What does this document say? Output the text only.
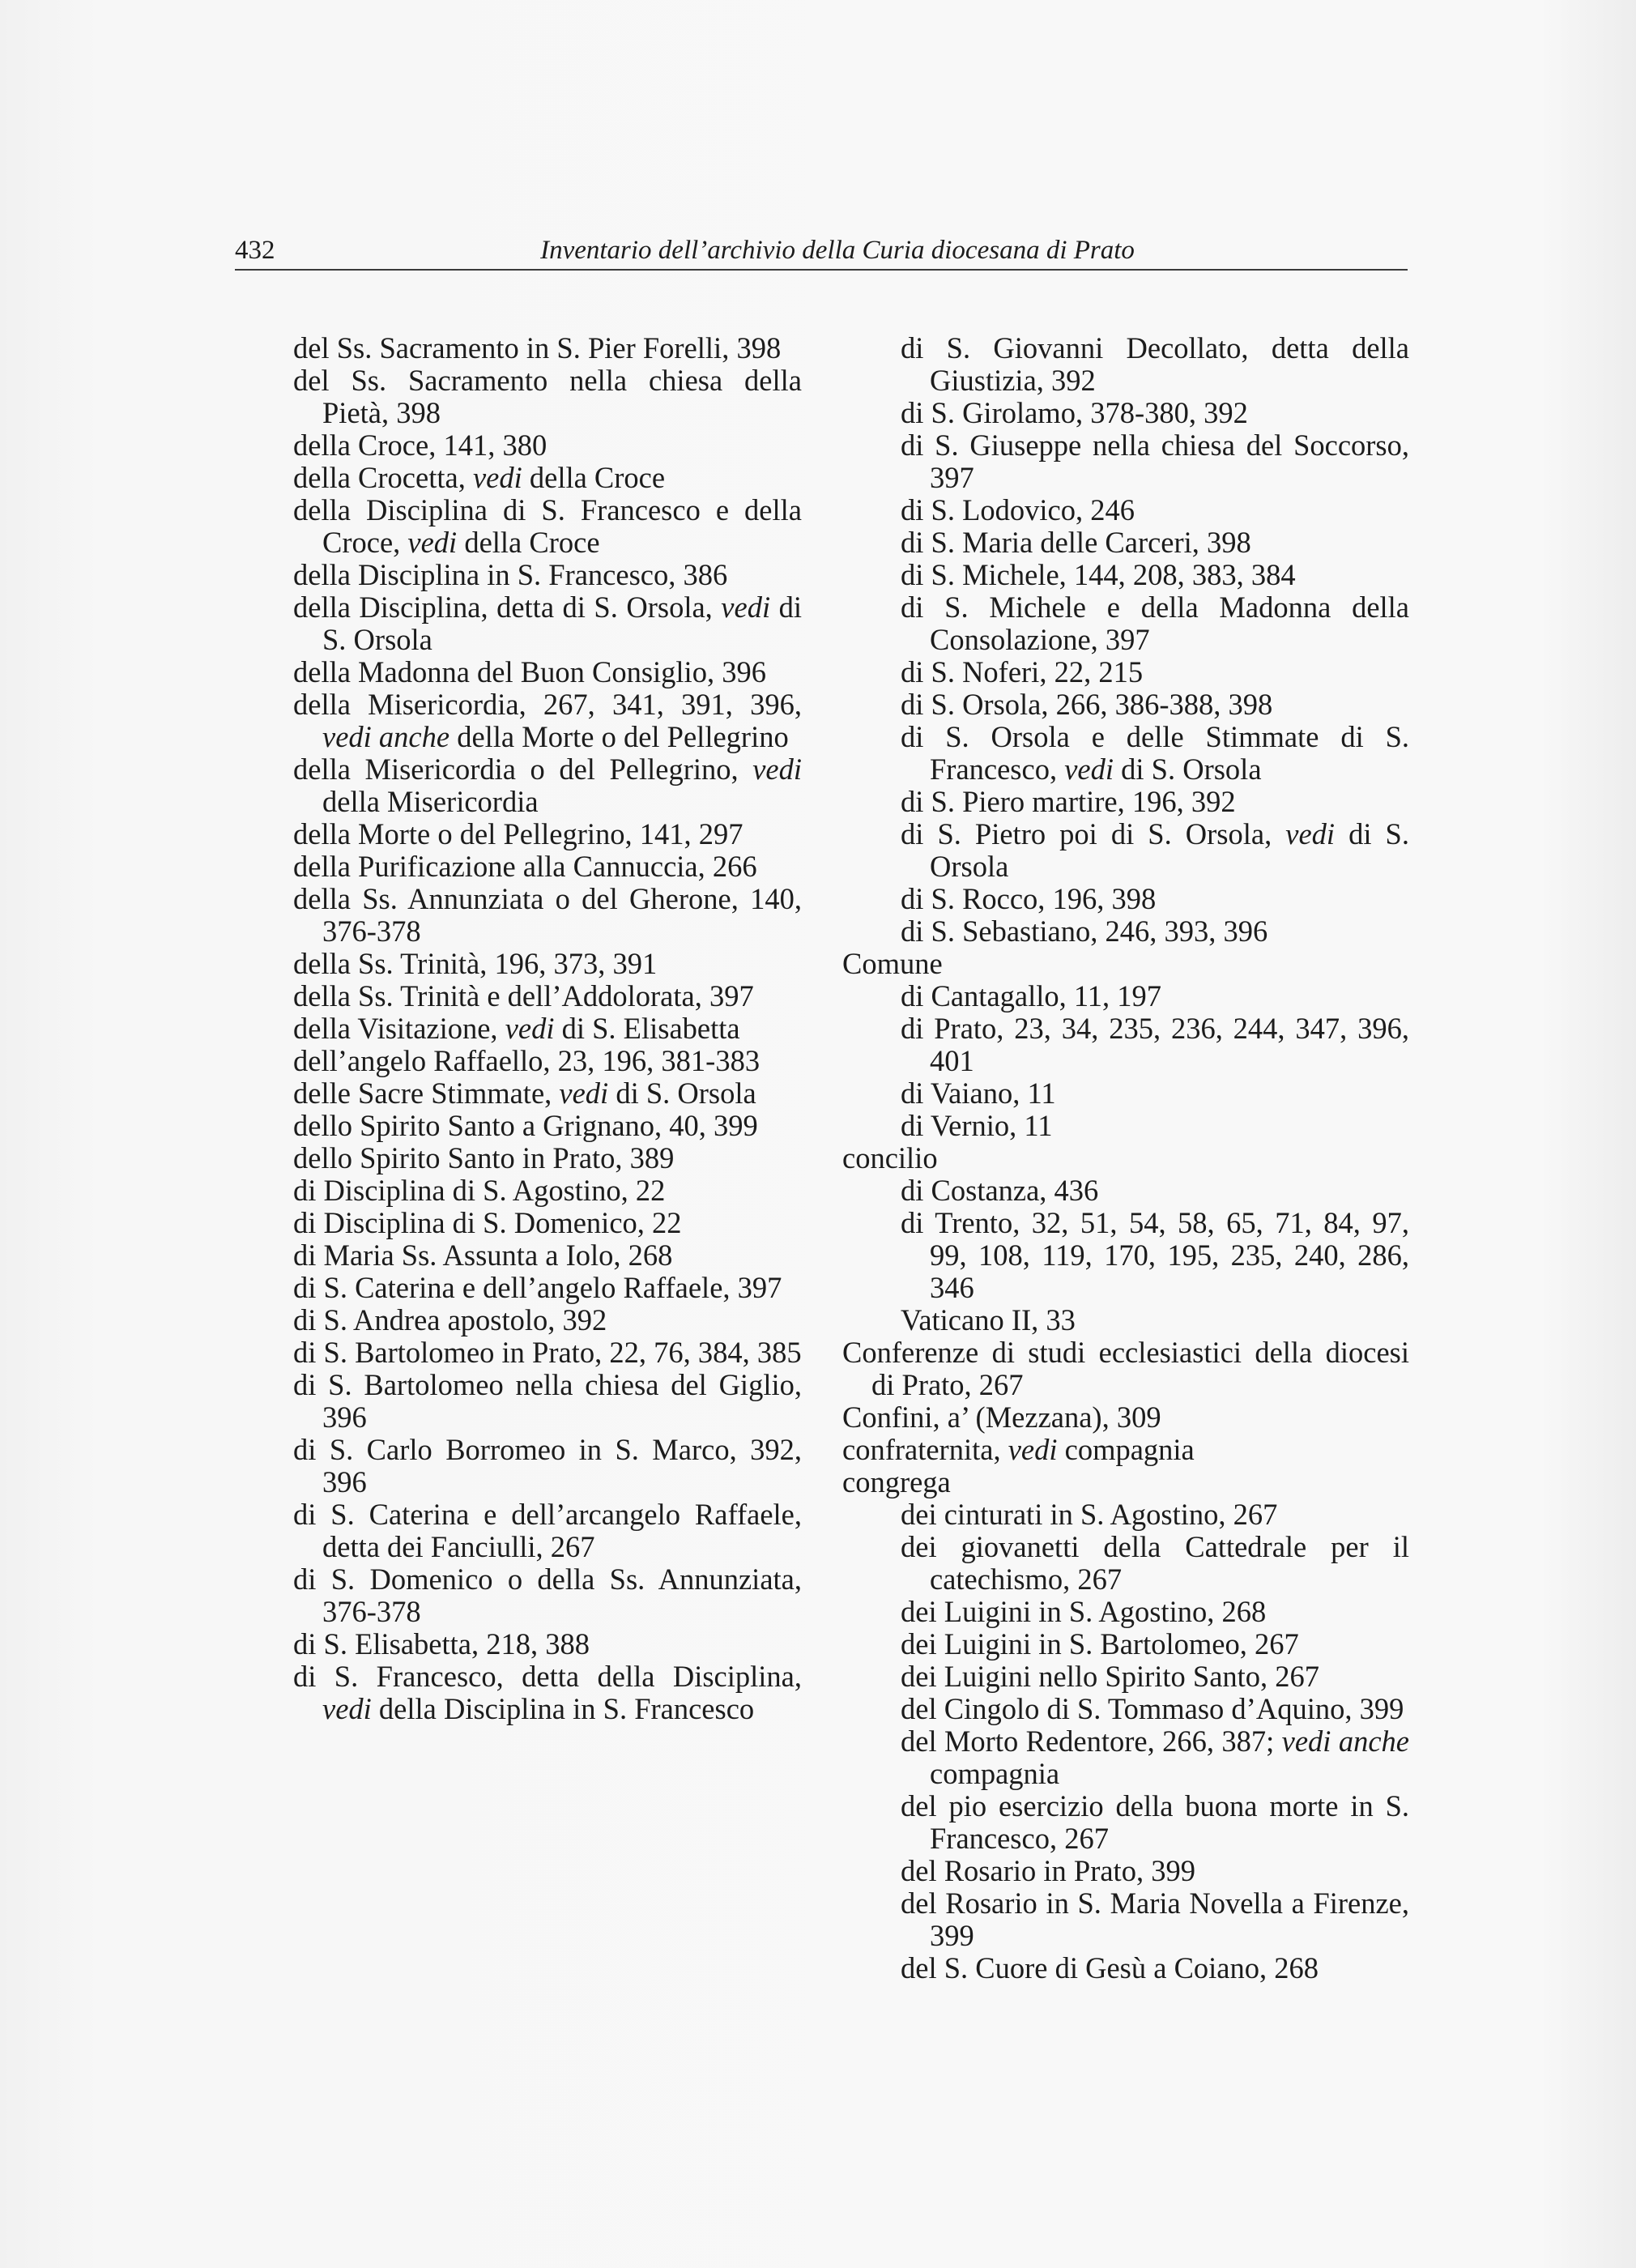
432	Inventario dell’archivio della Curia diocesana di Prato
del Ss. Sacramento in S. Pier Forelli, 398
del Ss. Sacramento nella chiesa della Pietà, 398
della Croce, 141, 380
della Crocetta, vedi della Croce
della Disciplina di S. Francesco e della Croce, vedi della Croce
della Disciplina in S. Francesco, 386
della Disciplina, detta di S. Orsola, vedi di S. Orsola
della Madonna del Buon Consiglio, 396
della Misericordia, 267, 341, 391, 396, vedi anche della Morte o del Pellegrino
della Misericordia o del Pellegrino, vedi della Misericordia
della Morte o del Pellegrino, 141, 297
della Purificazione alla Cannuccia, 266
della Ss. Annunziata o del Gherone, 140, 376-378
della Ss. Trinità, 196, 373, 391
della Ss. Trinità e dell’Addolorata, 397
della Visitazione, vedi di S. Elisabetta
dell’angelo Raffaello, 23, 196, 381-383
delle Sacre Stimmate, vedi di S. Orsola
dello Spirito Santo a Grignano, 40, 399
dello Spirito Santo in Prato, 389
di Disciplina di S. Agostino, 22
di Disciplina di S. Domenico, 22
di Maria Ss. Assunta a Iolo, 268
di S. Caterina e dell’angelo Raffaele, 397
di S. Andrea apostolo, 392
di S. Bartolomeo in Prato, 22, 76, 384, 385
di S. Bartolomeo nella chiesa del Giglio, 396
di S. Carlo Borromeo in S. Marco, 392, 396
di S. Caterina e dell’arcangelo Raffaele, detta dei Fanciulli, 267
di S. Domenico o della Ss. Annunziata, 376-378
di S. Elisabetta, 218, 388
di S. Francesco, detta della Disciplina, vedi della Disciplina in S. Francesco
di S. Giovanni Decollato, detta della Giustizia, 392
di S. Girolamo, 378-380, 392
di S. Giuseppe nella chiesa del Soccorso, 397
di S. Lodovico, 246
di S. Maria delle Carceri, 398
di S. Michele, 144, 208, 383, 384
di S. Michele e della Madonna della Consolazione, 397
di S. Noferi, 22, 215
di S. Orsola, 266, 386-388, 398
di S. Orsola e delle Stimmate di S. Francesco, vedi di S. Orsola
di S. Piero martire, 196, 392
di S. Pietro poi di S. Orsola, vedi di S. Orsola
di S. Rocco, 196, 398
di S. Sebastiano, 246, 393, 396
Comune
di Cantagallo, 11, 197
di Prato, 23, 34, 235, 236, 244, 347, 396, 401
di Vaiano, 11
di Vernio, 11
concilio
di Costanza, 436
di Trento, 32, 51, 54, 58, 65, 71, 84, 97, 99, 108, 119, 170, 195, 235, 240, 286, 346
Vaticano II, 33
Conferenze di studi ecclesiastici della diocesi di Prato, 267
Confini, a’ (Mezzana), 309
confraternita, vedi compagnia
congrega
dei cinturati in S. Agostino, 267
dei giovanetti della Cattedrale per il catechismo, 267
dei Luigini in S. Agostino, 268
dei Luigini in S. Bartolomeo, 267
dei Luigini nello Spirito Santo, 267
del Cingolo di S. Tommaso d’Aquino, 399
del Morto Redentore, 266, 387; vedi anche compagnia
del pio esercizio della buona morte in S. Francesco, 267
del Rosario in Prato, 399
del Rosario in S. Maria Novella a Firenze, 399
del S. Cuore di Gesù a Coiano, 268
